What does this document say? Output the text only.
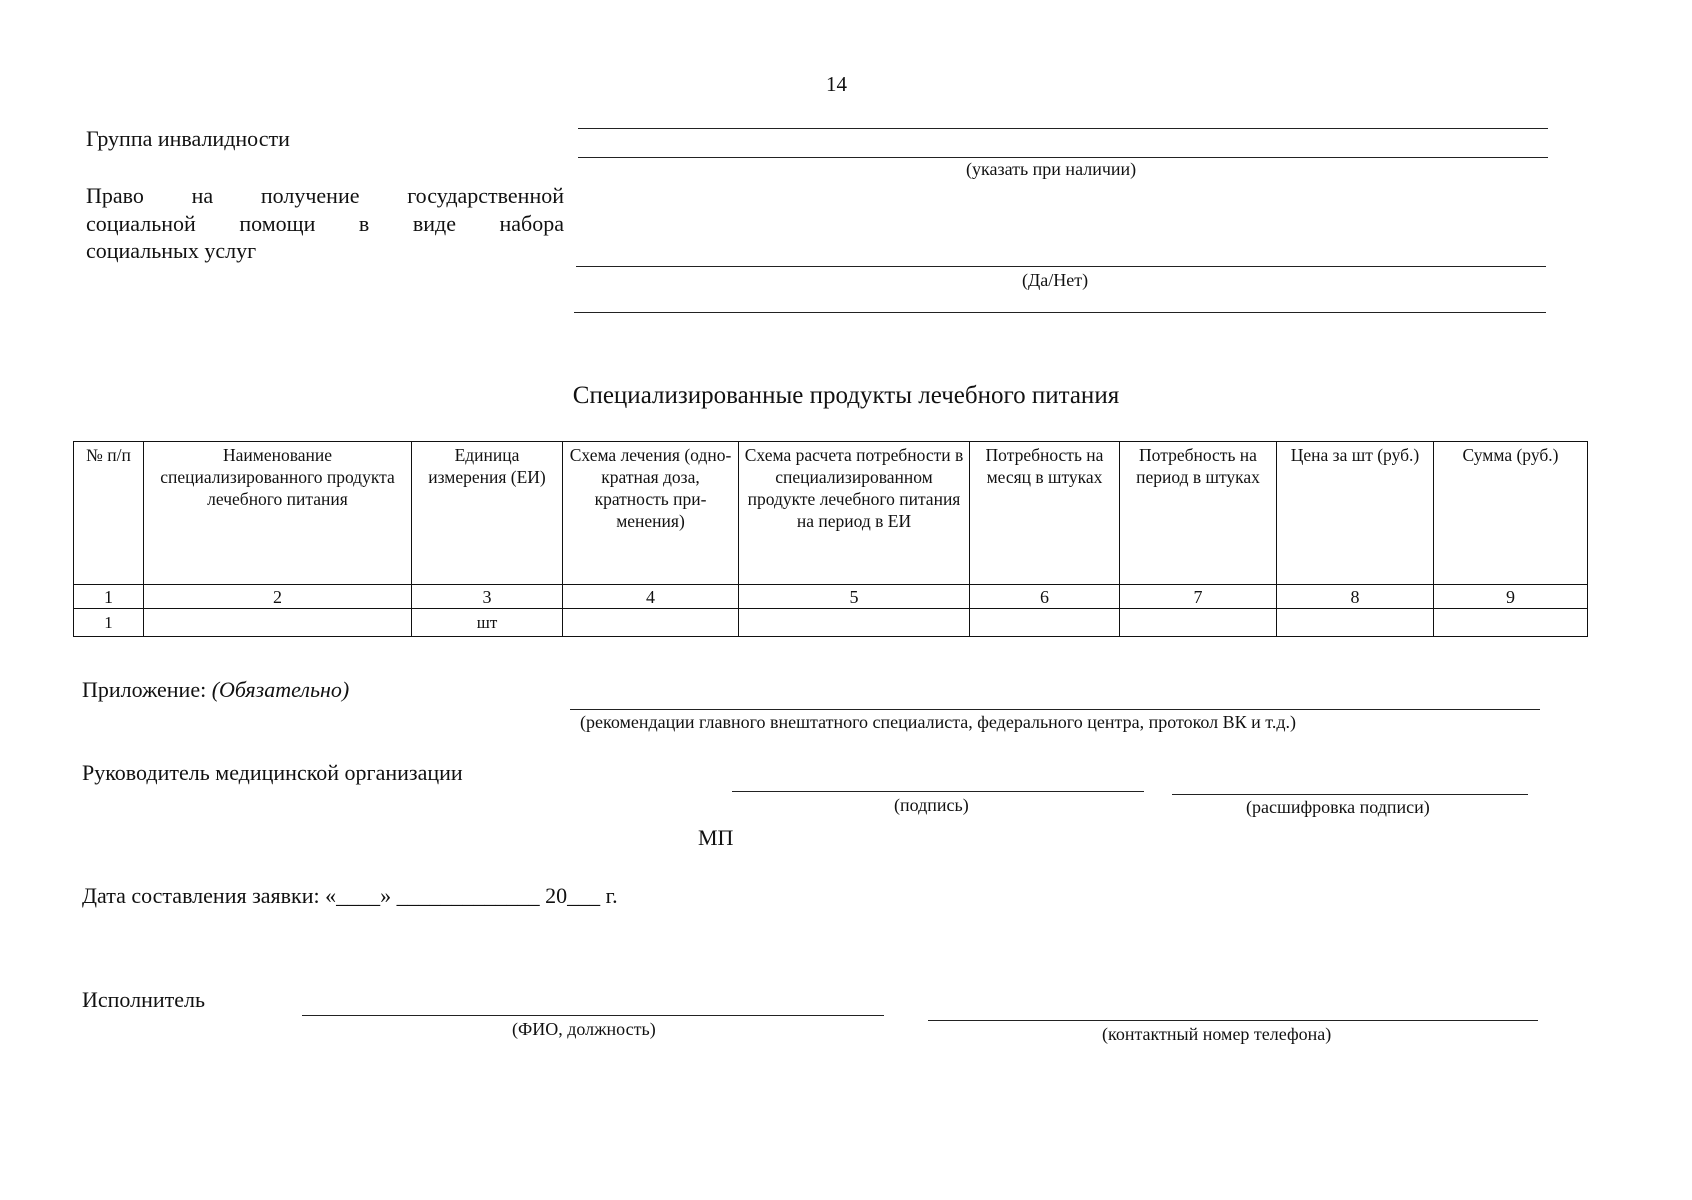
14
Группа инвалидности
(указать при наличии)
Право на получение государственной
социальной помощи в виде набора
социальных услуг
(Да/Нет)
Специализированные продукты лечебного питания
№ п/п	Наименование специализированного продукта лечебного питания	Единица измерения (ЕИ)	Схема лечения (одно-кратная доза, кратность при-менения)	Схема расчета потребности в специализированном продукте лечебного питания на период в ЕИ	Потребность на месяц в штуках	Потребность на период в штуках	Цена за шт (руб.)	Сумма (руб.)
1	2	3	4	5	6	7	8	9
1		шт						
Приложение: (Обязательно)
(рекомендации главного внештатного специалиста, федерального центра, протокол ВК и т.д.)
Руководитель медицинской организации
(подпись)	(расшифровка подписи)
МП
Дата составления заявки: «____» _____________ 20___ г.
Исполнитель
(ФИО, должность)	(контактный номер телефона)
